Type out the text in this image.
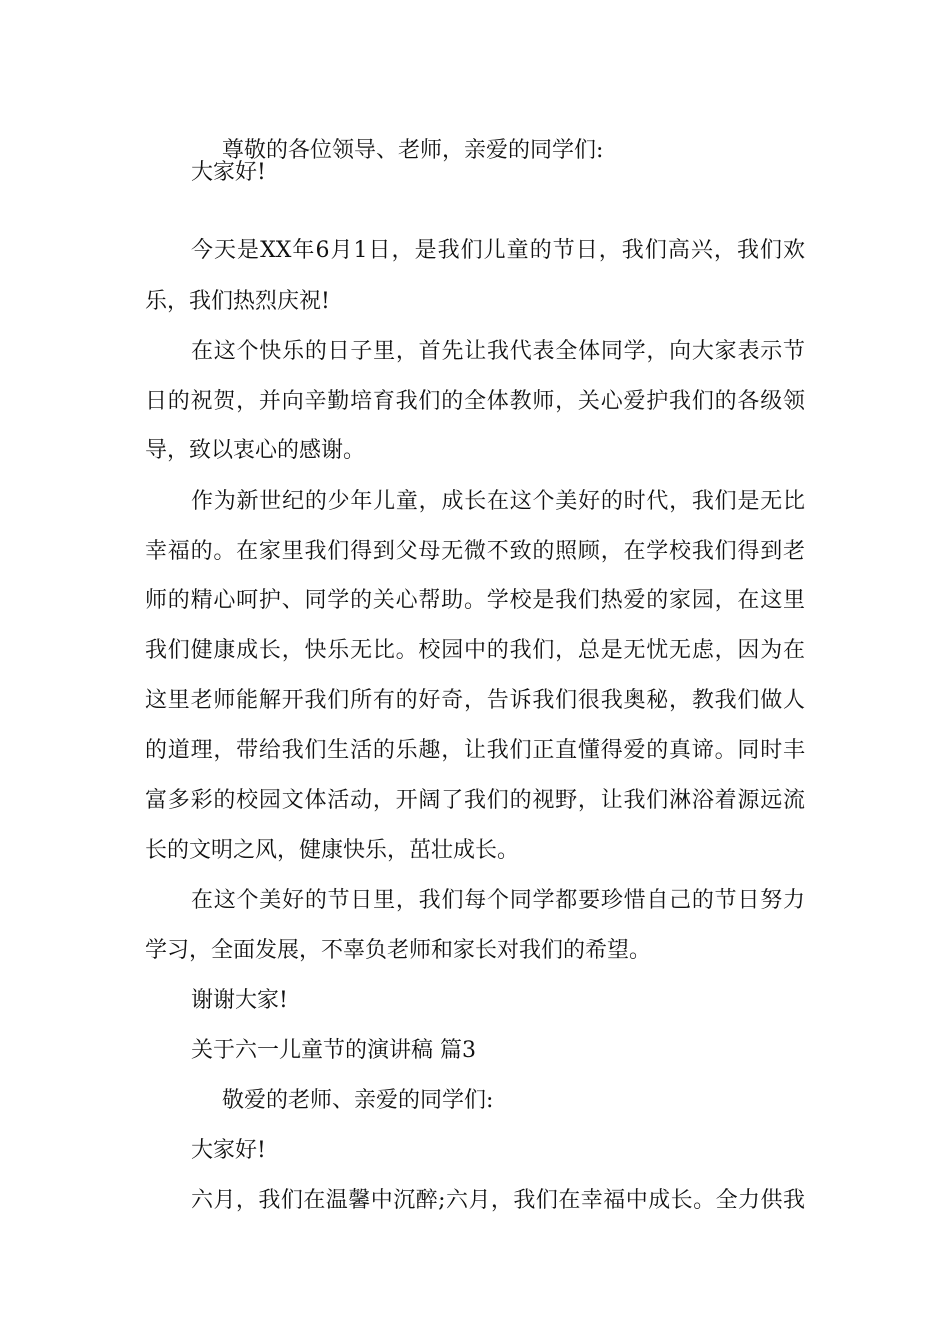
尊敬的各位领导、老师，亲爱的同学们:
大家好!
今天是XX年6月1日，是我们儿童的节日，我们高兴，我们欢
乐，我们热烈庆祝!
在这个快乐的日子里，首先让我代表全体同学，向大家表示节
日的祝贺，并向辛勤培育我们的全体教师，关心爱护我们的各级领
导，致以衷心的感谢。
作为新世纪的少年儿童，成长在这个美好的时代，我们是无比
幸福的。在家里我们得到父母无微不致的照顾，在学校我们得到老
师的精心呵护、同学的关心帮助。学校是我们热爱的家园，在这里
我们健康成长，快乐无比。校园中的我们，总是无忧无虑，因为在
这里老师能解开我们所有的好奇，告诉我们很我奥秘，教我们做人
的道理，带给我们生活的乐趣，让我们正直懂得爱的真谛。同时丰
富多彩的校园文体活动，开阔了我们的视野，让我们淋浴着源远流
长的文明之风，健康快乐，茁壮成长。
在这个美好的节日里，我们每个同学都要珍惜自己的节日努力
学习，全面发展，不辜负老师和家长对我们的希望。
谢谢大家!
关于六一儿童节的演讲稿 篇3
敬爱的老师、亲爱的同学们:
大家好!
六月，我们在温馨中沉醉;六月，我们在幸福中成长。全力供我
